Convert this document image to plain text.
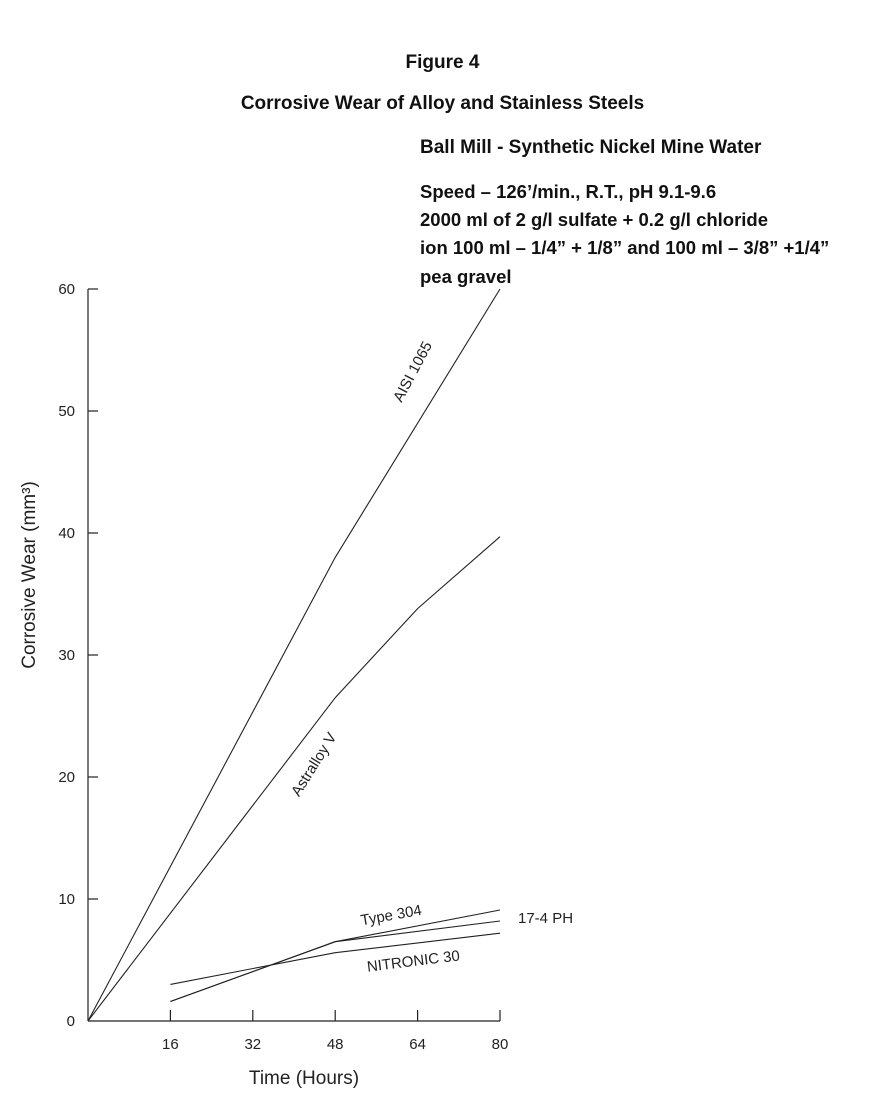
Figure 4
Corrosive Wear of Alloy and Stainless Steels
Ball Mill - Synthetic Nickel Mine Water
Speed – 126’/min., R.T., pH 9.1-9.6
2000 ml of 2 g/l sulfate + 0.2 g/l chloride
ion 100 ml – 1/4” + 1/8” and 100 ml – 3/8” +1/4”
pea gravel
0
10
20
30
40
50
60
16	32	48	64	80
AISI 1065
Astralloy V
Type 304	17-4 PH
NITRONIC 30
Time (Hours)
Corrosive Wear (mm³)
